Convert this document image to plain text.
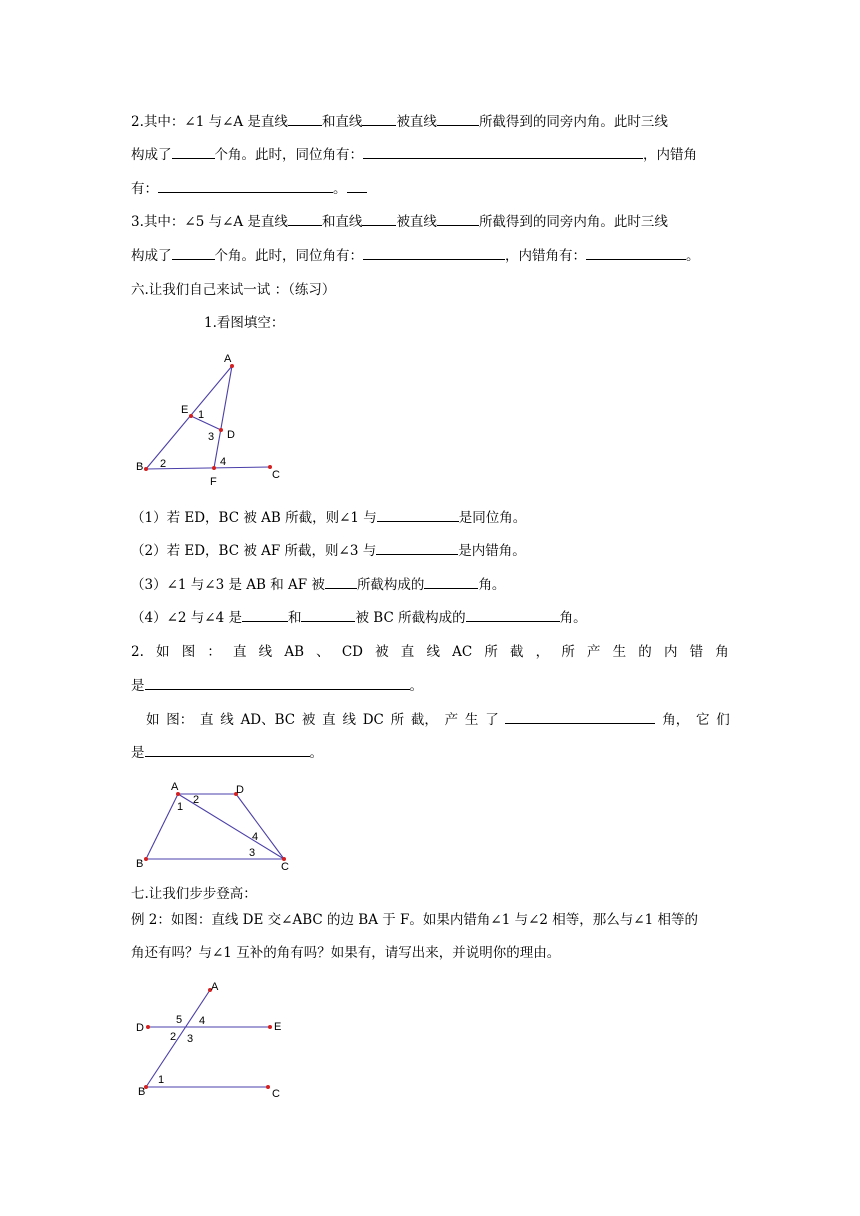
2.其中：∠1 与∠A 是直线	和直线	被直线	所截得到的同旁内角。此时三线
构成了	个角。此时，同位角有：	，内错角
有：	。
3.其中：∠5 与∠A 是直线	和直线	被直线	所截得到的同旁内角。此时三线
构成了	个角。此时，同位角有：	，内错角有：	。
六.让我们自己来试一试 ：（练习）
1.看图填空：
A
E 1
3 D
B 2	4
F
C
（1）若 ED，BC 被 AB 所截，则∠1 与	是同位角。
（2）若 ED，BC 被 AF 所截，则∠3 与	是内错角。
（3）∠1 与∠3 是 AB 和 AF 被 所截构成的	角。
（4）∠2 与∠4 是	和	被 BC 所截构成的	角。
2. 如 图 ： 直 线 AB 、 CD 被 直 线 AC 所 截 ， 所 产 生 的 内 错 角
是	。
如 图： 直 线 AD、BC 被 直 线 DC 所 截， 产 生 了	角， 它 们
是	。
A	D
2
1
4
3
B	C
七.让我们步步登高：
例 2：如图：直线 DE 交∠ABC 的边 BA 于 F。如果内错角∠1 与∠2 相等，那么与∠1 相等的
角还有吗？与∠1 互补的角有吗？如果有，请写出来，并说明你的理由。
A
5 4
D	E
2 3
1
B	C
